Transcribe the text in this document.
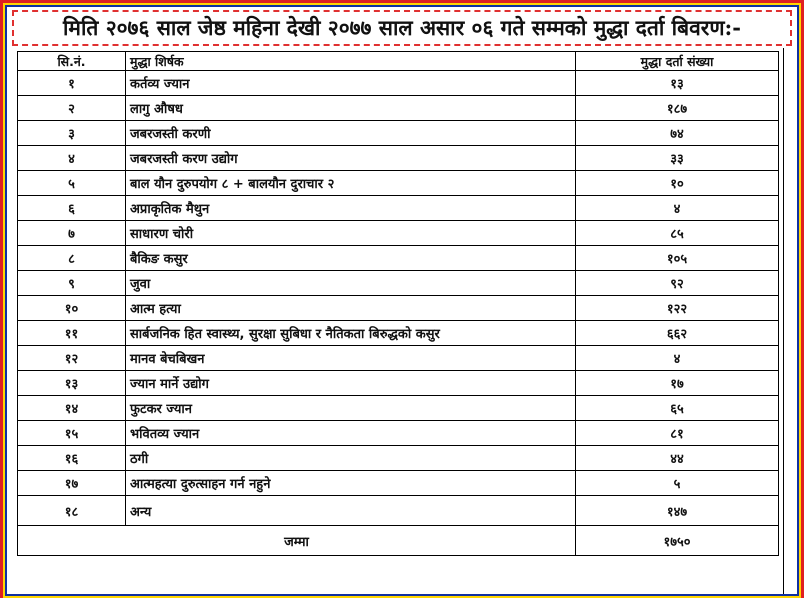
मिति २०७६ साल जेष्ठ महिना देखी २०७७ साल असार ०६ गते सम्मको मुद्धा दर्ता बिवरण:-
सि.नं.	मुद्धा शिर्षक	मुद्धा दर्ता संख्या
१	कर्तव्य ज्यान	१३
२	लागु औषध	१८७
३	जबरजस्ती करणी	७४
४	जबरजस्ती करण उद्योग	३३
५	बाल यौन दुरुपयोग ८ + बालयौन दुराचार २	१०
६	अप्राकृतिक मैथुन	४
७	साधारण चोरी	८५
८	बैकिङ कसुर	१०५
९	जुवा	९२
१०	आत्म हत्या	१२२
११	सार्बजनिक हित स्वास्थ्य, सुरक्षा सुबिधा र नैतिकता बिरुद्धको कसुर	६६२
१२	मानव बेचबिखन	४
१३	ज्यान मार्ने उद्योग	१७
१४	फुटकर ज्यान	६५
१५	भवितव्य ज्यान	८१
१६	ठगी	४४
१७	आत्महत्या दुरुत्साहन गर्न नहुने	५
१८	अन्य	१४७
जम्मा		१७५०
